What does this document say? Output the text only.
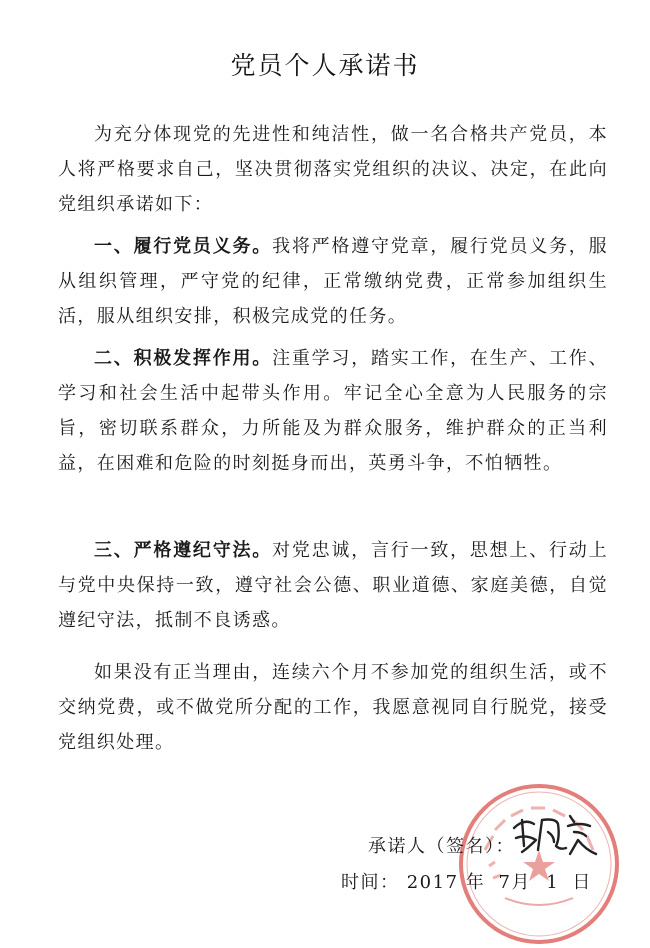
党员个人承诺书
为充分体现党的先进性和纯洁性，做一名合格共产党员，本人将严格要求自己，坚决贯彻落实党组织的决议、决定，在此向党组织承诺如下：
一、履行党员义务。我将严格遵守党章，履行党员义务，服从组织管理，严守党的纪律，正常缴纳党费，正常参加组织生活，服从组织安排，积极完成党的任务。
二、积极发挥作用。注重学习，踏实工作，在生产、工作、学习和社会生活中起带头作用。牢记全心全意为人民服务的宗旨，密切联系群众，力所能及为群众服务，维护群众的正当利益，在困难和危险的时刻挺身而出，英勇斗争，不怕牺牲。
三、严格遵纪守法。对党忠诚，言行一致，思想上、行动上与党中央保持一致，遵守社会公德、职业道德、家庭美德，自觉遵纪守法，抵制不良诱惑。
如果没有正当理由，连续六个月不参加党的组织生活，或不交纳党费，或不做党所分配的工作，我愿意视同自行脱党，接受党组织处理。
承诺人（签名）：
时间： 2017 年 7月 1 日
